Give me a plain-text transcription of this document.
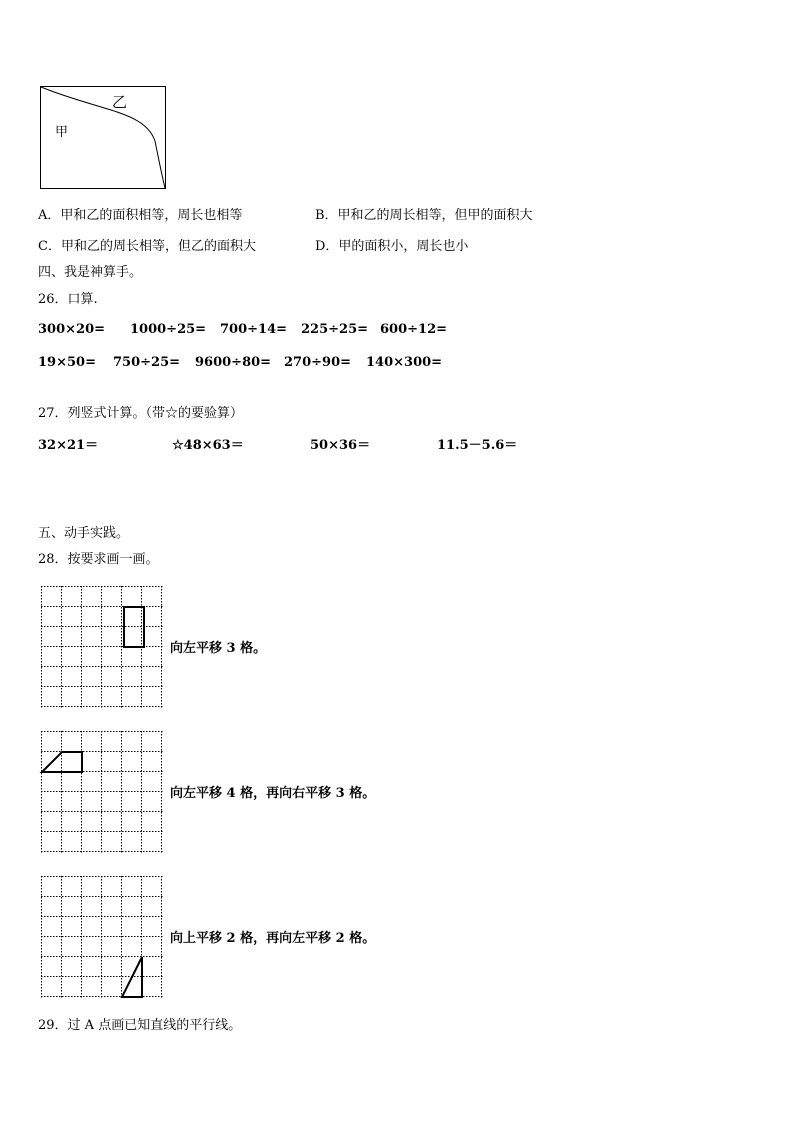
乙
甲
A．甲和乙的面积相等，周长也相等	B．甲和乙的周长相等，但甲的面积大
C．甲和乙的周长相等，但乙的面积大	D．甲的面积小，周长也小
四、我是神算手。
26．口算.
300×20= 1000÷25= 700÷14= 225÷25= 600÷12=
19×50= 750÷25= 9600÷80= 270÷90= 140×300=
27．列竖式计算。（带☆的要验算）
32×21＝	☆48×63＝	50×36＝	11.5－5.6＝
五、动手实践。
28．按要求画一画。
向左平移 3 格。
向左平移 4 格，再向右平移 3 格。
向上平移 2 格，再向左平移 2 格。
29．过 A 点画已知直线的平行线。
